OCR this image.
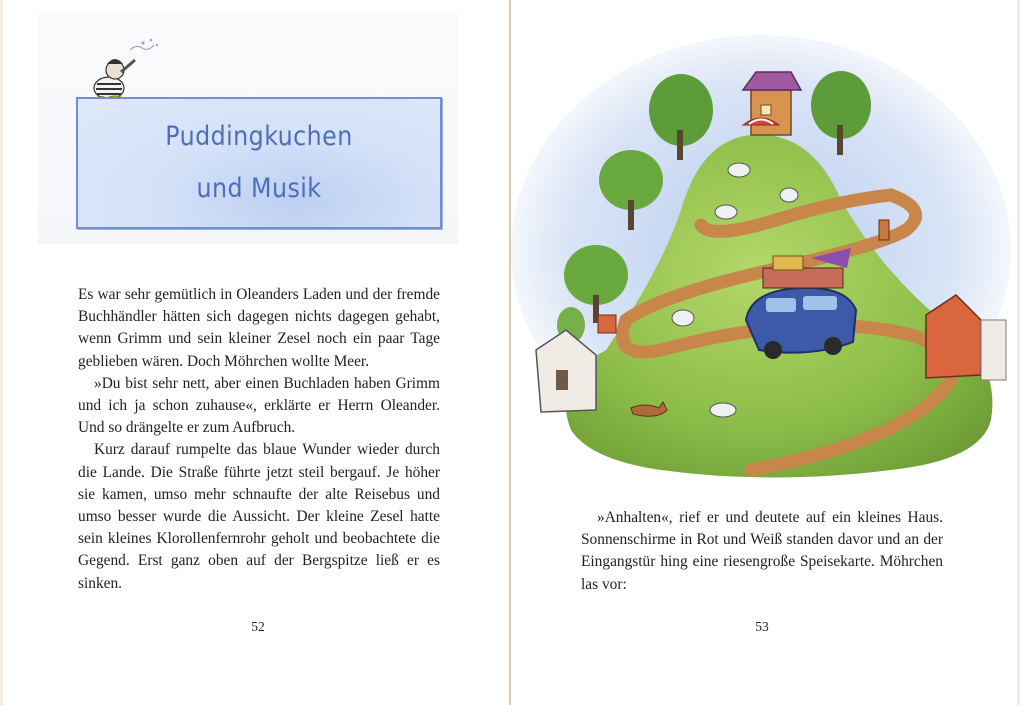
Puddingkuchen
und Musik

Es war sehr gemütlich in Oleanders Laden und der fremde Buchhändler hätten sich dagegen nichts dagegen gehabt, wenn Grimm und sein kleiner Zesel noch ein paar Tage geblieben wären. Doch Möhrchen wollte Meer.

»Du bist sehr nett, aber einen Buchladen haben Grimm und ich ja schon zuhause«, erklärte er Herrn Oleander. Und so drängelte er zum Aufbruch.

Kurz darauf rumpelte das blaue Wunder wieder durch die Lande. Die Straße führte jetzt steil bergauf. Je höher sie kamen, umso mehr schnaufte der alte Reisebus und umso besser wurde die Aussicht. Der kleine Zesel hatte sein kleines Klorollenfernrohr geholt und beobachtete die Gegend. Erst ganz oben auf der Bergspitze ließ er es sinken.

52	53

»Anhalten«, rief er und deutete auf ein kleines Haus. Sonnenschirme in Rot und Weiß standen davor und an der Eingangstür hing eine riesengroße Speisekarte. Möhrchen las vor:
